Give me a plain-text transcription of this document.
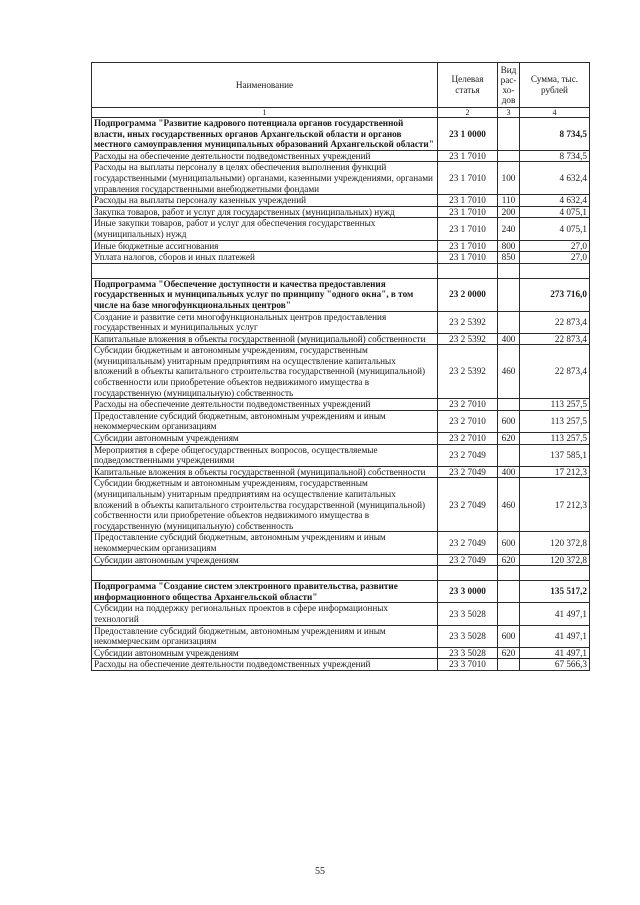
Наименование	Целевая статья	Вид рас- хо- дов	Сумма, тыс. рублей
1	2	3	4
Подпрограмма "Развитие кадрового потенциала органов государственной власти, иных государственных органов Архангельской области и органов местного самоуправления муниципальных образований Архангельской области"	23 1 0000		8 734,5
Расходы на обеспечение деятельности подведомственных учреждений	23 1 7010		8 734,5
Расходы на выплаты персоналу в целях обеспечения выполнения функций государственными (муниципальными) органами, казенными учреждениями, органами управления государственными внебюджетными фондами	23 1 7010	100	4 632,4
Расходы на выплаты персоналу казенных учреждений	23 1 7010	110	4 632,4
Закупка товаров, работ и услуг для государственных (муниципальных) нужд	23 1 7010	200	4 075,1
Иные закупки товаров, работ и услуг для обеспечения государственных (муниципальных) нужд	23 1 7010	240	4 075,1
Иные бюджетные ассигнования	23 1 7010	800	27,0
Уплата налогов, сборов и иных платежей	23 1 7010	850	27,0

Подпрограмма "Обеспечение доступности и качества предоставления государственных и муниципальных услуг по принципу "одного окна", в том числе на базе многофункциональных центров"	23 2 0000		273 716,0
Создание и развитие сети многофункциональных центров предоставления государственных и муниципальных услуг	23 2 5392		22 873,4
Капитальные вложения в объекты государственной (муниципальной) собственности	23 2 5392	400	22 873,4
Субсидии бюджетным и автономным учреждениям, государственным (муниципальным) унитарным предприятиям на осуществление капитальных вложений в объекты капитального строительства государственной (муниципальной) собственности или приобретение объектов недвижимого имущества в государственную (муниципальную) собственность	23 2 5392	460	22 873,4
Расходы на обеспечение деятельности подведомственных учреждений	23 2 7010		113 257,5
Предоставление субсидий бюджетным, автономным учреждениям и иным некоммерческим организациям	23 2 7010	600	113 257,5
Субсидии автономным учреждениям	23 2 7010	620	113 257,5
Мероприятия в сфере общегосударственных вопросов, осуществляемые подведомственными учреждениями	23 2 7049		137 585,1
Капитальные вложения в объекты государственной (муниципальной) собственности	23 2 7049	400	17 212,3
Субсидии бюджетным и автономным учреждениям, государственным (муниципальным) унитарным предприятиям на осуществление капитальных вложений в объекты капитального строительства государственной (муниципальной) собственности или приобретение объектов недвижимого имущества в государственную (муниципальную) собственность	23 2 7049	460	17 212,3
Предоставление субсидий бюджетным, автономным учреждениям и иным некоммерческим организациям	23 2 7049	600	120 372,8
Субсидии автономным учреждениям	23 2 7049	620	120 372,8

Подпрограмма "Создание систем электронного правительства, развитие информационного общества Архангельской области"	23 3 0000		135 517,2
Субсидии на поддержку региональных проектов в сфере информационных технологий	23 3 5028		41 497,1
Предоставление субсидий бюджетным, автономным учреждениям и иным некоммерческим организациям	23 3 5028	600	41 497,1
Субсидии автономным учреждениям	23 3 5028	620	41 497,1
Расходы на обеспечение деятельности подведомственных учреждений	23 3 7010		67 566,3
55
